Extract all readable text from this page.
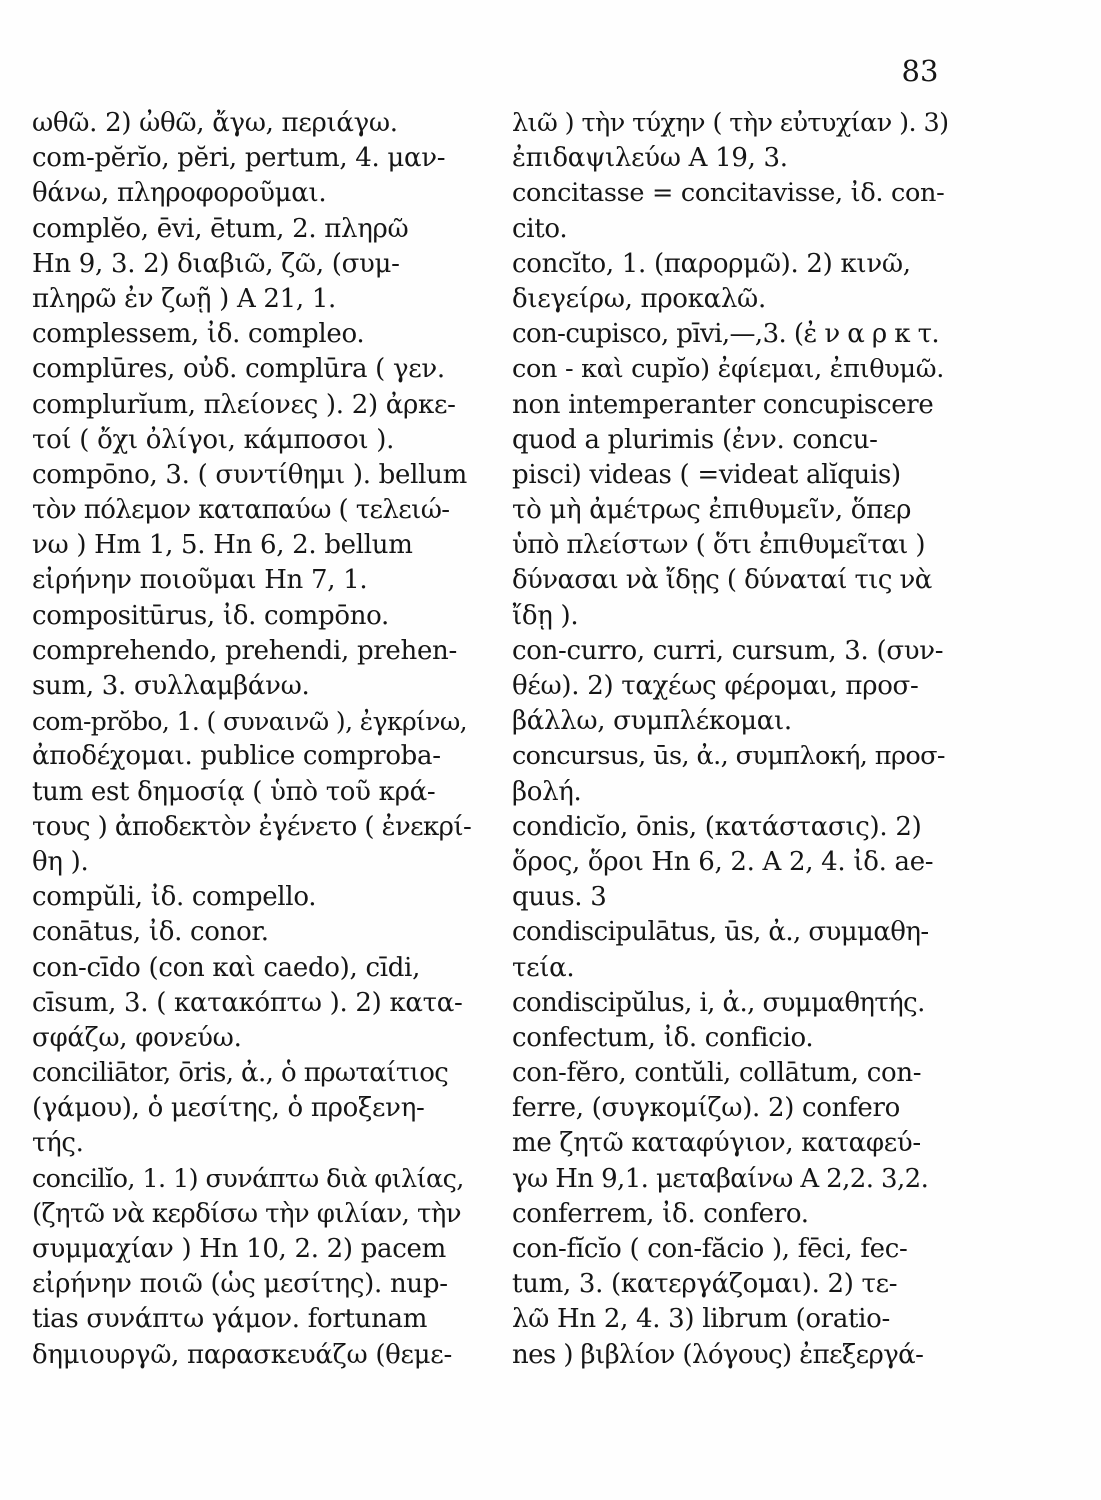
83
ωθῶ. 2) ὠθῶ, ἄγω, περιάγω.
com-pĕrĭo, pĕri, pertum, 4. μαν-
θάνω, πληροφοροῦμαι.
complĕo, ēvi, ētum, 2. πληρῶ
Hn 9, 3. 2) διαβιῶ, ζῶ, (συμ-
πληρῶ ἐν ζωῇ ) A 21, 1.
complessem, ἰδ. compleo.
complūres, οὐδ. complūra ( γεν.
complurĭum, πλείονες ). 2) ἀρκε-
τοί ( ὄχι ὀλίγοι, κάμποσοι ).
compōno, 3. ( συντίθημι ). bellum
τὸν πόλεμον καταπαύω ( τελειώ-
νω ) Hm 1, 5. Hn 6, 2. bellum
εἰρήνην ποιοῦμαι Hn 7, 1.
compositūrus, ἰδ. compōno.
comprehendo, prehendi, prehen-
sum, 3. συλλαμβάνω.
com-prŏbo, 1. ( συναινῶ ), ἐγκρίνω,
ἀποδέχομαι. publice comproba-
tum est δημοσίᾳ ( ὑπὸ τοῦ κρά-
τους ) ἀποδεκτὸν ἐγένετο ( ἐνεκρί-
θη ).
compŭli, ἰδ. compello.
conātus, ἰδ. conor.
con-cīdo (con καὶ caedo), cīdi,
cīsum, 3. ( κατακόπτω ). 2) κατα-
σφάζω, φονεύω.
conciliātor, ōris, ἀ., ὁ πρωταίτιος
(γάμου), ὁ μεσίτης, ὁ προξενη-
τής.
concilĭo, 1. 1) συνάπτω διὰ φιλίας,
(ζητῶ νὰ κερδίσω τὴν φιλίαν, τὴν
συμμαχίαν ) Hn 10, 2. 2) pacem
εἰρήνην ποιῶ (ὡς μεσίτης). nup-
tias συνάπτω γάμον. fortunam
δημιουργῶ, παρασκευάζω (θεμε-
λιῶ ) τὴν τύχην ( τὴν εὐτυχίαν ). 3)
ἐπιδαψιλεύω A 19, 3.
concitasse = concitavisse, ἰδ. con-
cito.
concĭto, 1. (παρορμῶ). 2) κινῶ,
διεγείρω, προκαλῶ.
con-cupisco, pīvi,—,3. (ἐ ν α ρ κ τ.
con - καὶ cupĭo) ἐφίεμαι, ἐπιθυμῶ.
non intemperanter concupiscere
quod a plurimis (ἐνν. concu-
pisci) videas ( =videat alĭquis)
τὸ μὴ ἀμέτρως ἐπιθυμεῖν, ὅπερ
ὑπὸ πλείστων ( ὅτι ἐπιθυμεῖται )
δύνασαι νὰ ἴδῃς ( δύναταί τις νὰ
ἴδῃ ).
con-curro, curri, cursum, 3. (συν-
θέω). 2) ταχέως φέρομαι, προσ-
βάλλω, συμπλέκομαι.
concursus, ūs, ἀ., συμπλοκή, προσ-
βολή.
condicĭo, ōnis, (κατάστασις). 2)
ὅρος, ὅροι Hn 6, 2. A 2, 4. ἰδ. ae-
quus. 3
condiscipulātus, ūs, ἀ., συμμαθη-
τεία.
condiscipŭlus, i, ἀ., συμμαθητής.
confectum, ἰδ. conficio.
con-fĕro, contŭli, collātum, con-
ferre, (συγκομίζω). 2) confero
me ζητῶ καταφύγιον, καταφεύ-
γω Hn 9,1. μεταβαίνω A 2,2. 3,2.
conferrem, ἰδ. confero.
con-fĭcĭo ( con-făcio ), fēci, fec-
tum, 3. (κατεργάζομαι). 2) τε-
λῶ Hn 2, 4. 3) librum (oratio-
nes ) βιβλίον (λόγους) ἐπεξεργά-
